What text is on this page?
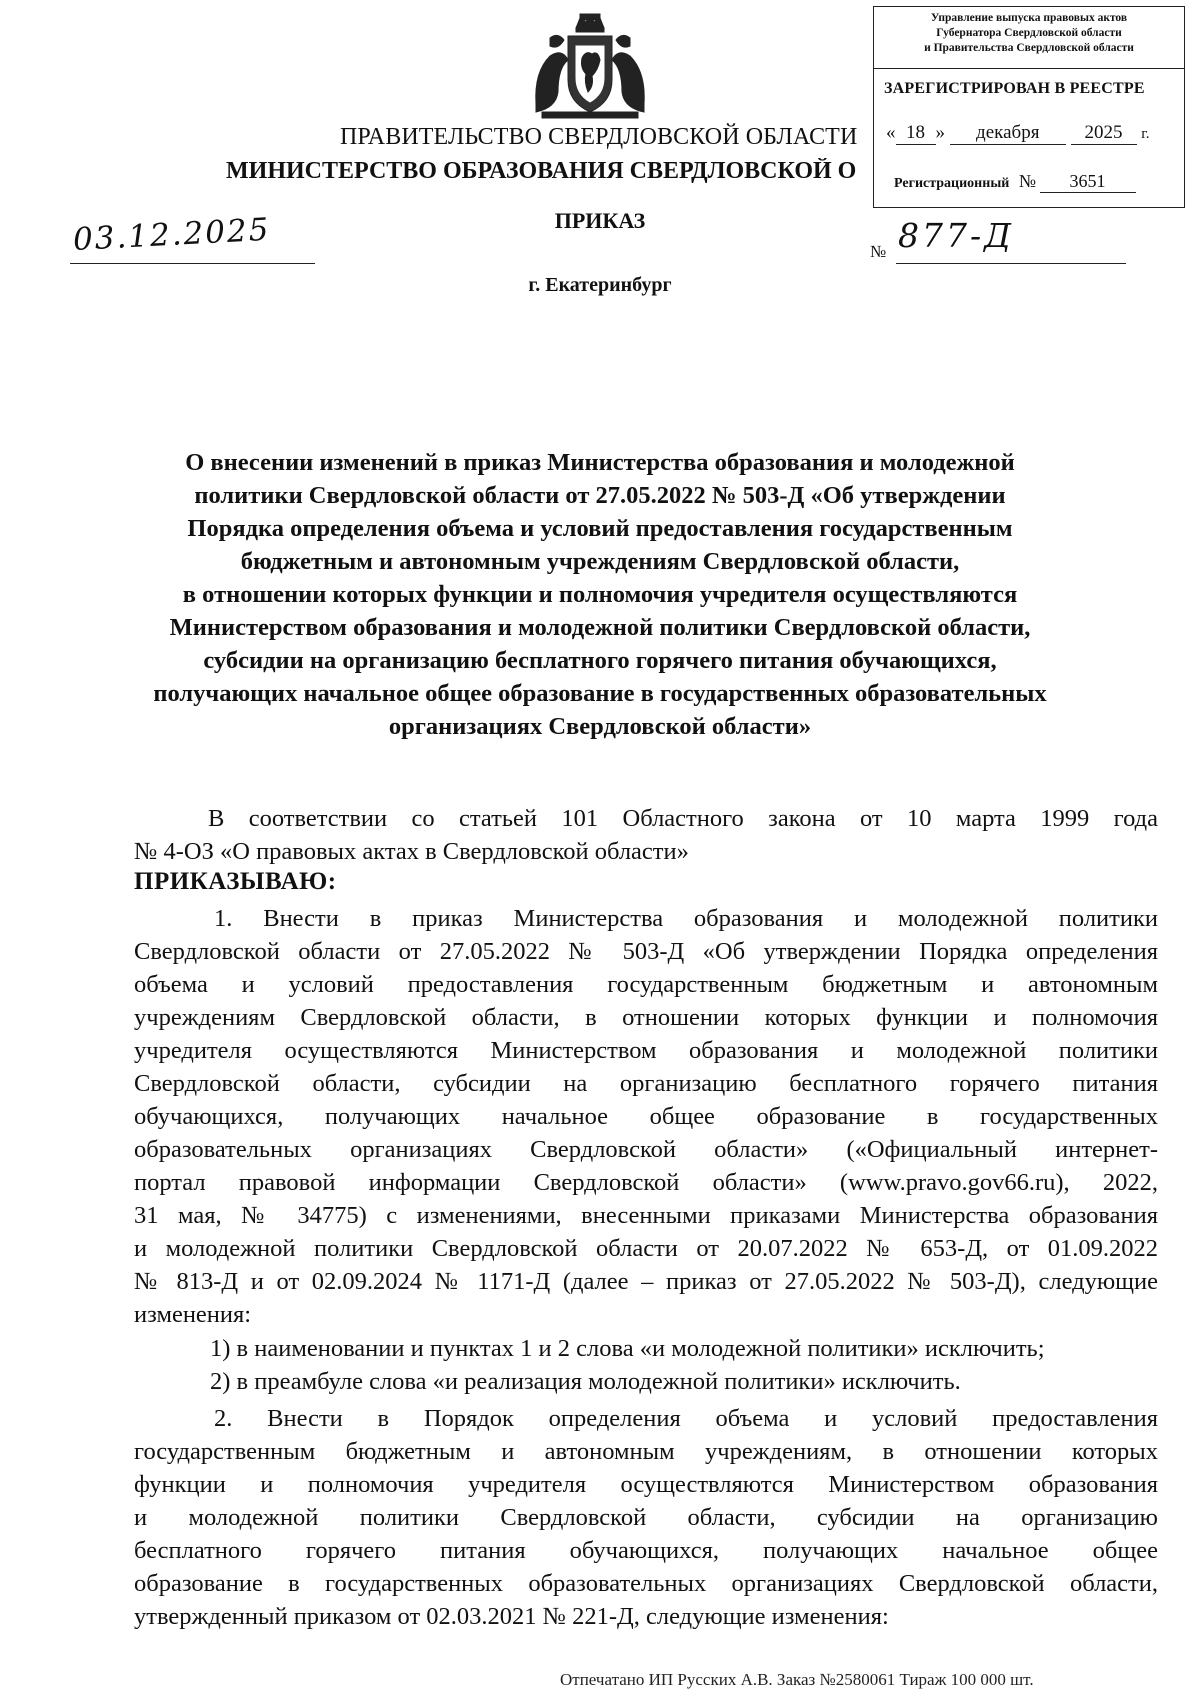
Управление выпуска правовых актов
Губернатора Свердловской области
и Правительства Свердловской области
ЗАРЕГИСТРИРОВАН В РЕЕСТРЕ
« 18 » декабря 2025 г.
Регистрационный № 3651
ПРАВИТЕЛЬСТВО СВЕРДЛОВСКОЙ ОБЛАСТИ
МИНИСТЕРСТВО ОБРАЗОВАНИЯ СВЕРДЛОВСКОЙ О
ПРИКАЗ
03.12.2025	№ 877-Д
г. Екатеринбург
О внесении изменений в приказ Министерства образования и молодежной
политики Свердловской области от 27.05.2022 № 503-Д «Об утверждении
Порядка определения объема и условий предоставления государственным
бюджетным и автономным учреждениям Свердловской области,
в отношении которых функции и полномочия учредителя осуществляются
Министерством образования и молодежной политики Свердловской области,
субсидии на организацию бесплатного горячего питания обучающихся,
получающих начальное общее образование в государственных образовательных
организациях Свердловской области»
В соответствии со статьей 101 Областного закона от 10 марта 1999 года
№ 4-ОЗ «О правовых актах в Свердловской области»
ПРИКАЗЫВАЮ:
1. Внести в приказ Министерства образования и молодежной политики
Свердловской области от 27.05.2022 № 503-Д «Об утверждении Порядка определения
объема и условий предоставления государственным бюджетным и автономным
учреждениям Свердловской области, в отношении которых функции и полномочия
учредителя осуществляются Министерством образования и молодежной политики
Свердловской области, субсидии на организацию бесплатного горячего питания
обучающихся, получающих начальное общее образование в государственных
образовательных организациях Свердловской области» («Официальный интернет-
портал правовой информации Свердловской области» (www.pravo.gov66.ru), 2022,
31 мая, № 34775) с изменениями, внесенными приказами Министерства образования
и молодежной политики Свердловской области от 20.07.2022 № 653-Д, от 01.09.2022
№ 813-Д и от 02.09.2024 № 1171-Д (далее – приказ от 27.05.2022 № 503-Д), следующие
изменения:
1) в наименовании и пунктах 1 и 2 слова «и молодежной политики» исключить;
2) в преамбуле слова «и реализация молодежной политики» исключить.
2. Внести в Порядок определения объема и условий предоставления
государственным бюджетным и автономным учреждениям, в отношении которых
функции и полномочия учредителя осуществляются Министерством образования
и молодежной политики Свердловской области, субсидии на организацию
бесплатного горячего питания обучающихся, получающих начальное общее
образование в государственных образовательных организациях Свердловской области,
утвержденный приказом от 02.03.2021 № 221-Д, следующие изменения:
Отпечатано ИП Русских А.В. Заказ №2580061 Тираж 100 000 шт.
